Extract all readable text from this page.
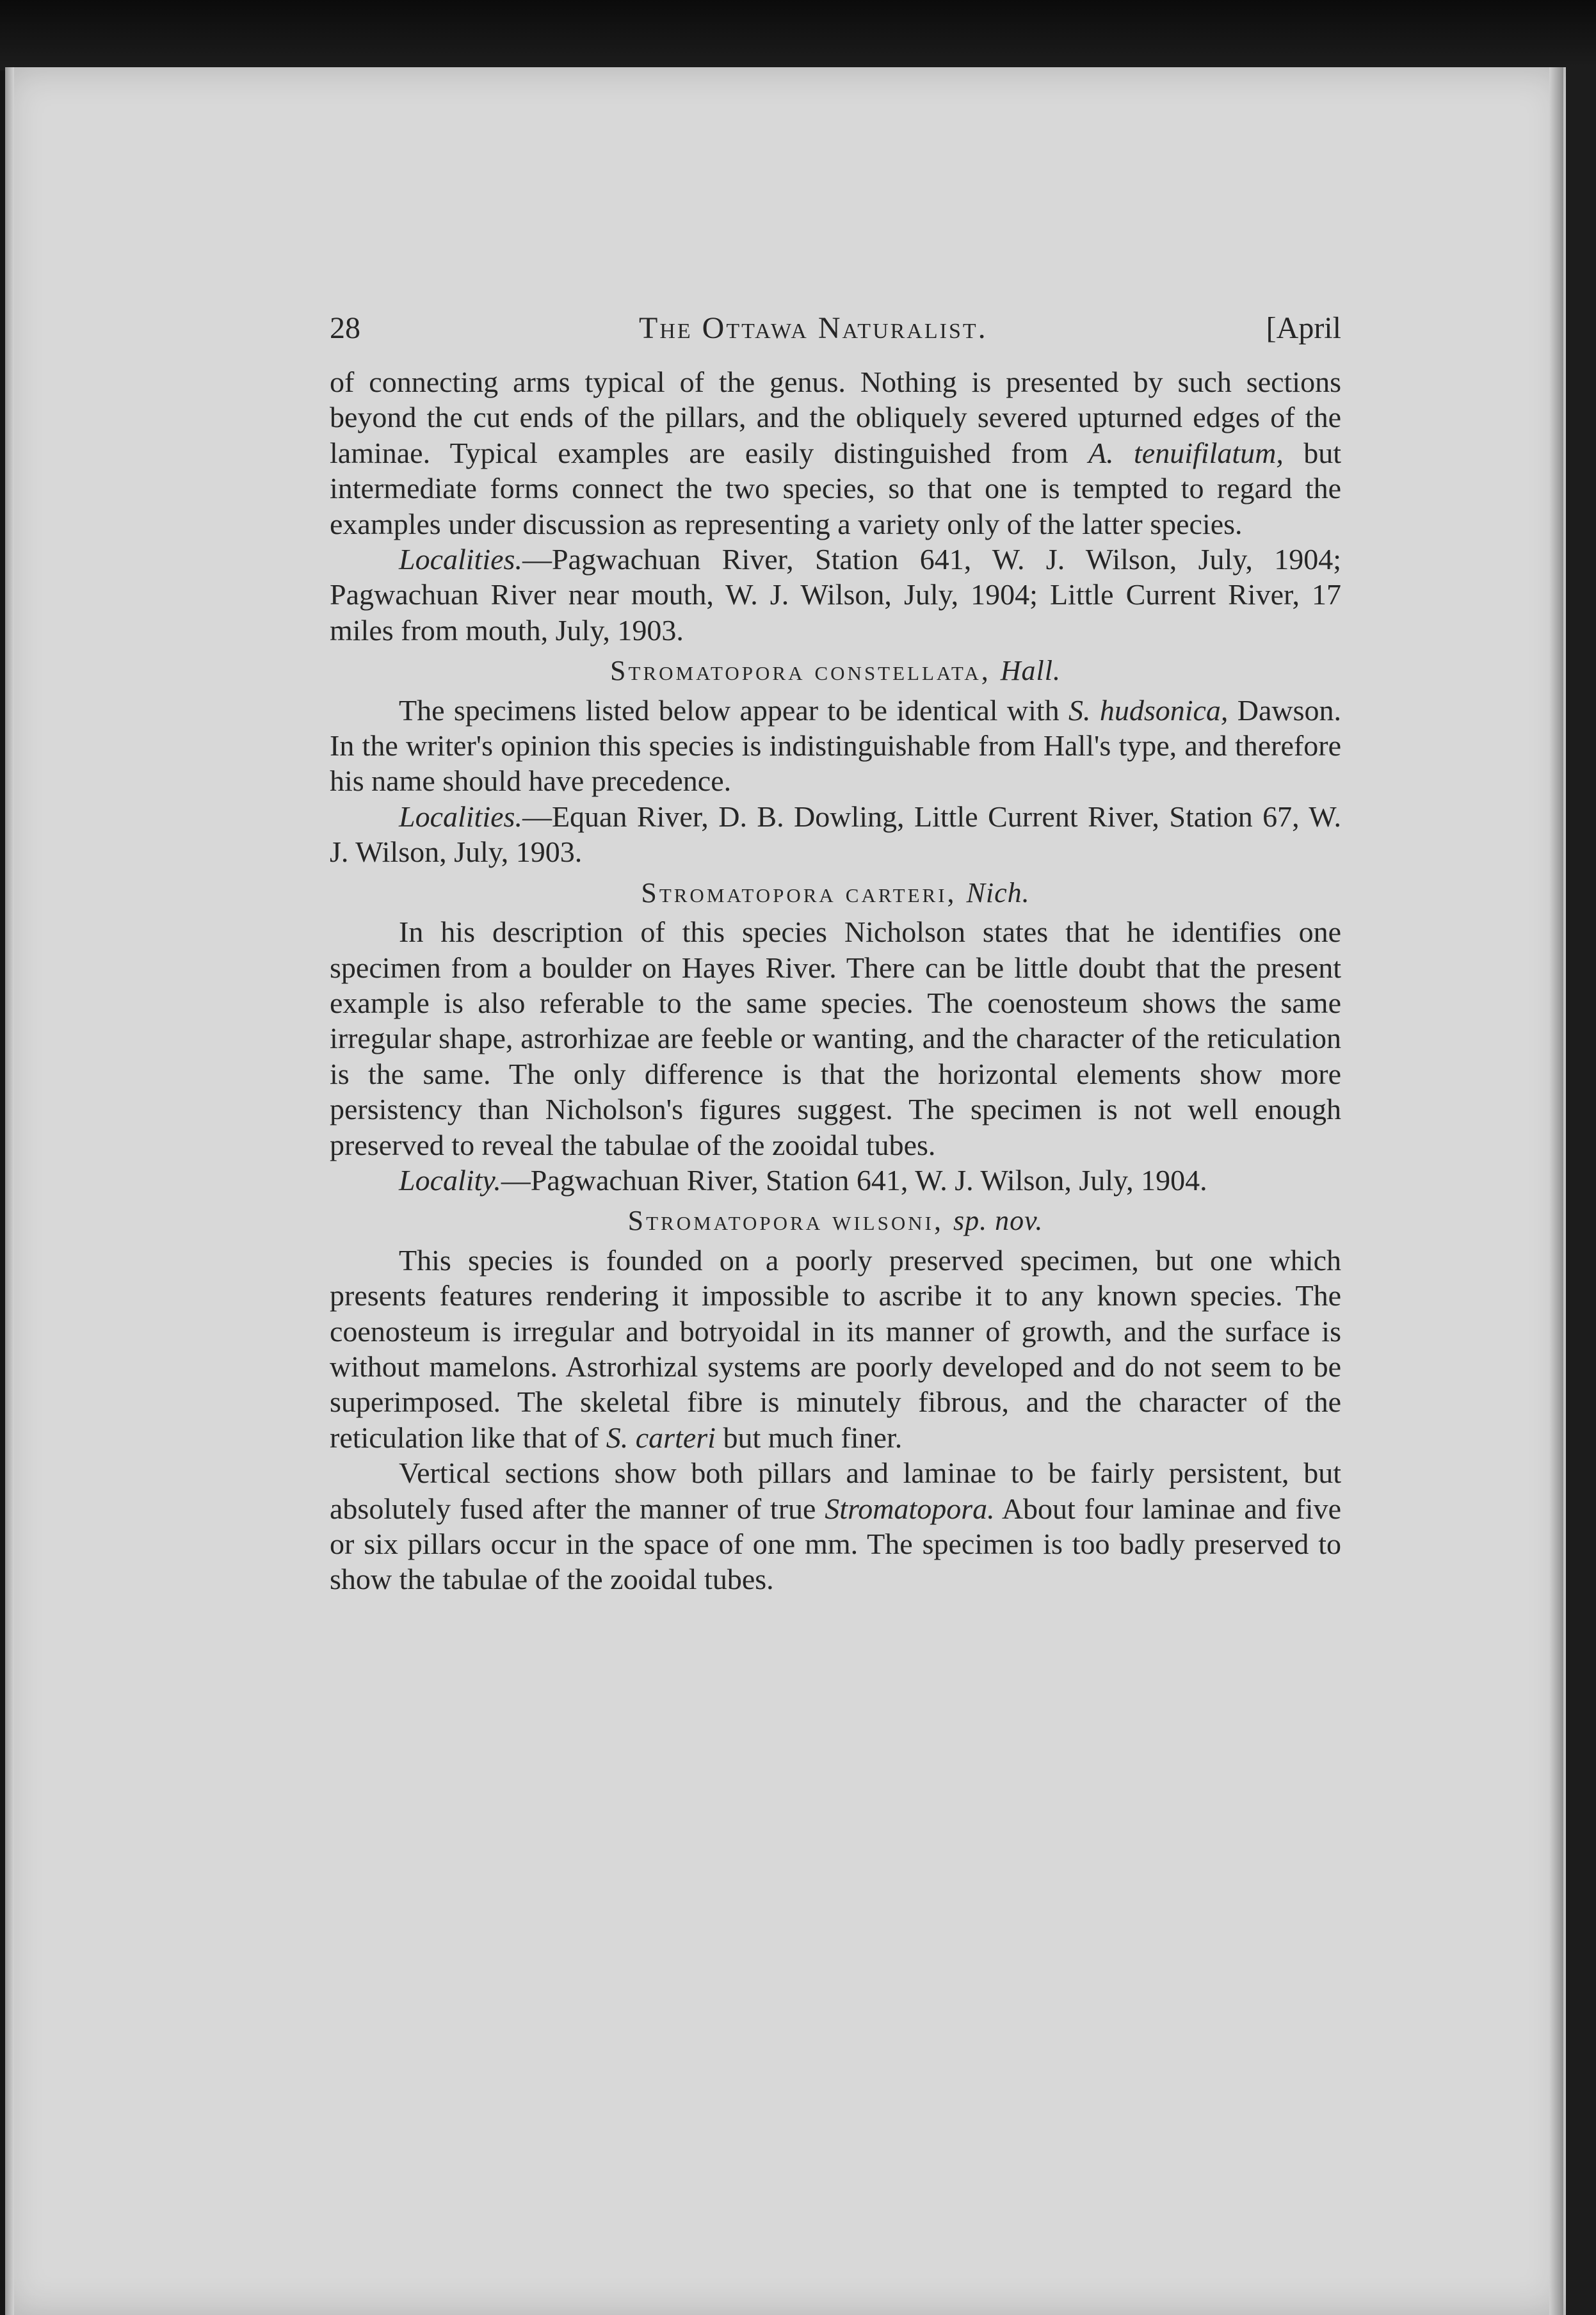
28	The Ottawa Naturalist.	[April

of connecting arms typical of the genus. Nothing is presented by such sections beyond the cut ends of the pillars, and the obliquely severed upturned edges of the laminae. Typical examples are easily distinguished from A. tenuifilatum, but intermediate forms connect the two species, so that one is tempted to regard the examples under discussion as representing a variety only of the latter species.

Localities.—Pagwachuan River, Station 641, W. J. Wilson, July, 1904; Pagwachuan River near mouth, W. J. Wilson, July, 1904; Little Current River, 17 miles from mouth, July, 1903.

Stromatopora constellata, Hall.

The specimens listed below appear to be identical with S. hudsonica, Dawson. In the writer's opinion this species is indistinguishable from Hall's type, and therefore his name should have precedence.

Localities.—Equan River, D. B. Dowling, Little Current River, Station 67, W. J. Wilson, July, 1903.

Stromatopora carteri, Nich.

In his description of this species Nicholson states that he identifies one specimen from a boulder on Hayes River. There can be little doubt that the present example is also referable to the same species. The coenosteum shows the same irregular shape, astrorhizae are feeble or wanting, and the character of the reticulation is the same. The only difference is that the horizontal elements show more persistency than Nicholson's figures suggest. The specimen is not well enough preserved to reveal the tabulae of the zooidal tubes.

Locality.—Pagwachuan River, Station 641, W. J. Wilson, July, 1904.

Stromatopora wilsoni, sp. nov.

This species is founded on a poorly preserved specimen, but one which presents features rendering it impossible to ascribe it to any known species. The coenosteum is irregular and botryoidal in its manner of growth, and the surface is without mamelons. Astrorhizal systems are poorly developed and do not seem to be superimposed. The skeletal fibre is minutely fibrous, and the character of the reticulation like that of S. carteri but much finer.

Vertical sections show both pillars and laminae to be fairly persistent, but absolutely fused after the manner of true Stromatopora. About four laminae and five or six pillars occur in the space of one mm. The specimen is too badly preserved to show the tabulae of the zooidal tubes.
